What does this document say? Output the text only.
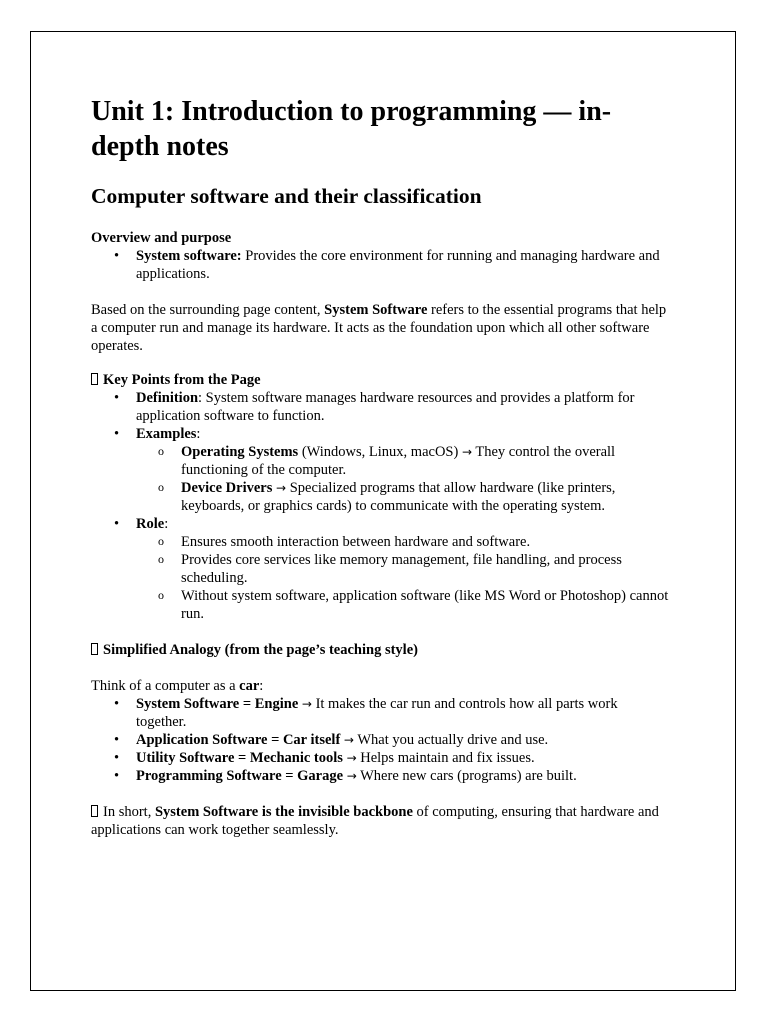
Unit 1: Introduction to programming — in-depth notes
Computer software and their classification

Overview and purpose

•	System software: Provides the core environment for running and managing hardware and applications.

Based on the surrounding page content, System Software refers to the essential programs that help a computer run and manage its hardware. It acts as the foundation upon which all other software operates.

Key Points from the Page

•	Definition: System software manages hardware resources and provides a platform for application software to function.
•	Examples:
o Operating Systems (Windows, Linux, macOS) → They control the overall functioning of the computer.
o Device Drivers → Specialized programs that allow hardware (like printers, keyboards, or graphics cards) to communicate with the operating system.
•	Role:
o Ensures smooth interaction between hardware and software.
o Provides core services like memory management, file handling, and process scheduling.
o Without system software, application software (like MS Word or Photoshop) cannot run.

Simplified Analogy (from the page’s teaching style)

Think of a computer as a car:

•	System Software = Engine → It makes the car run and controls how all parts work together.
•	Application Software = Car itself → What you actually drive and use.
•	Utility Software = Mechanic tools → Helps maintain and fix issues.
•	Programming Software = Garage → Where new cars (programs) are built.

In short, System Software is the invisible backbone of computing, ensuring that hardware and applications can work together seamlessly.
